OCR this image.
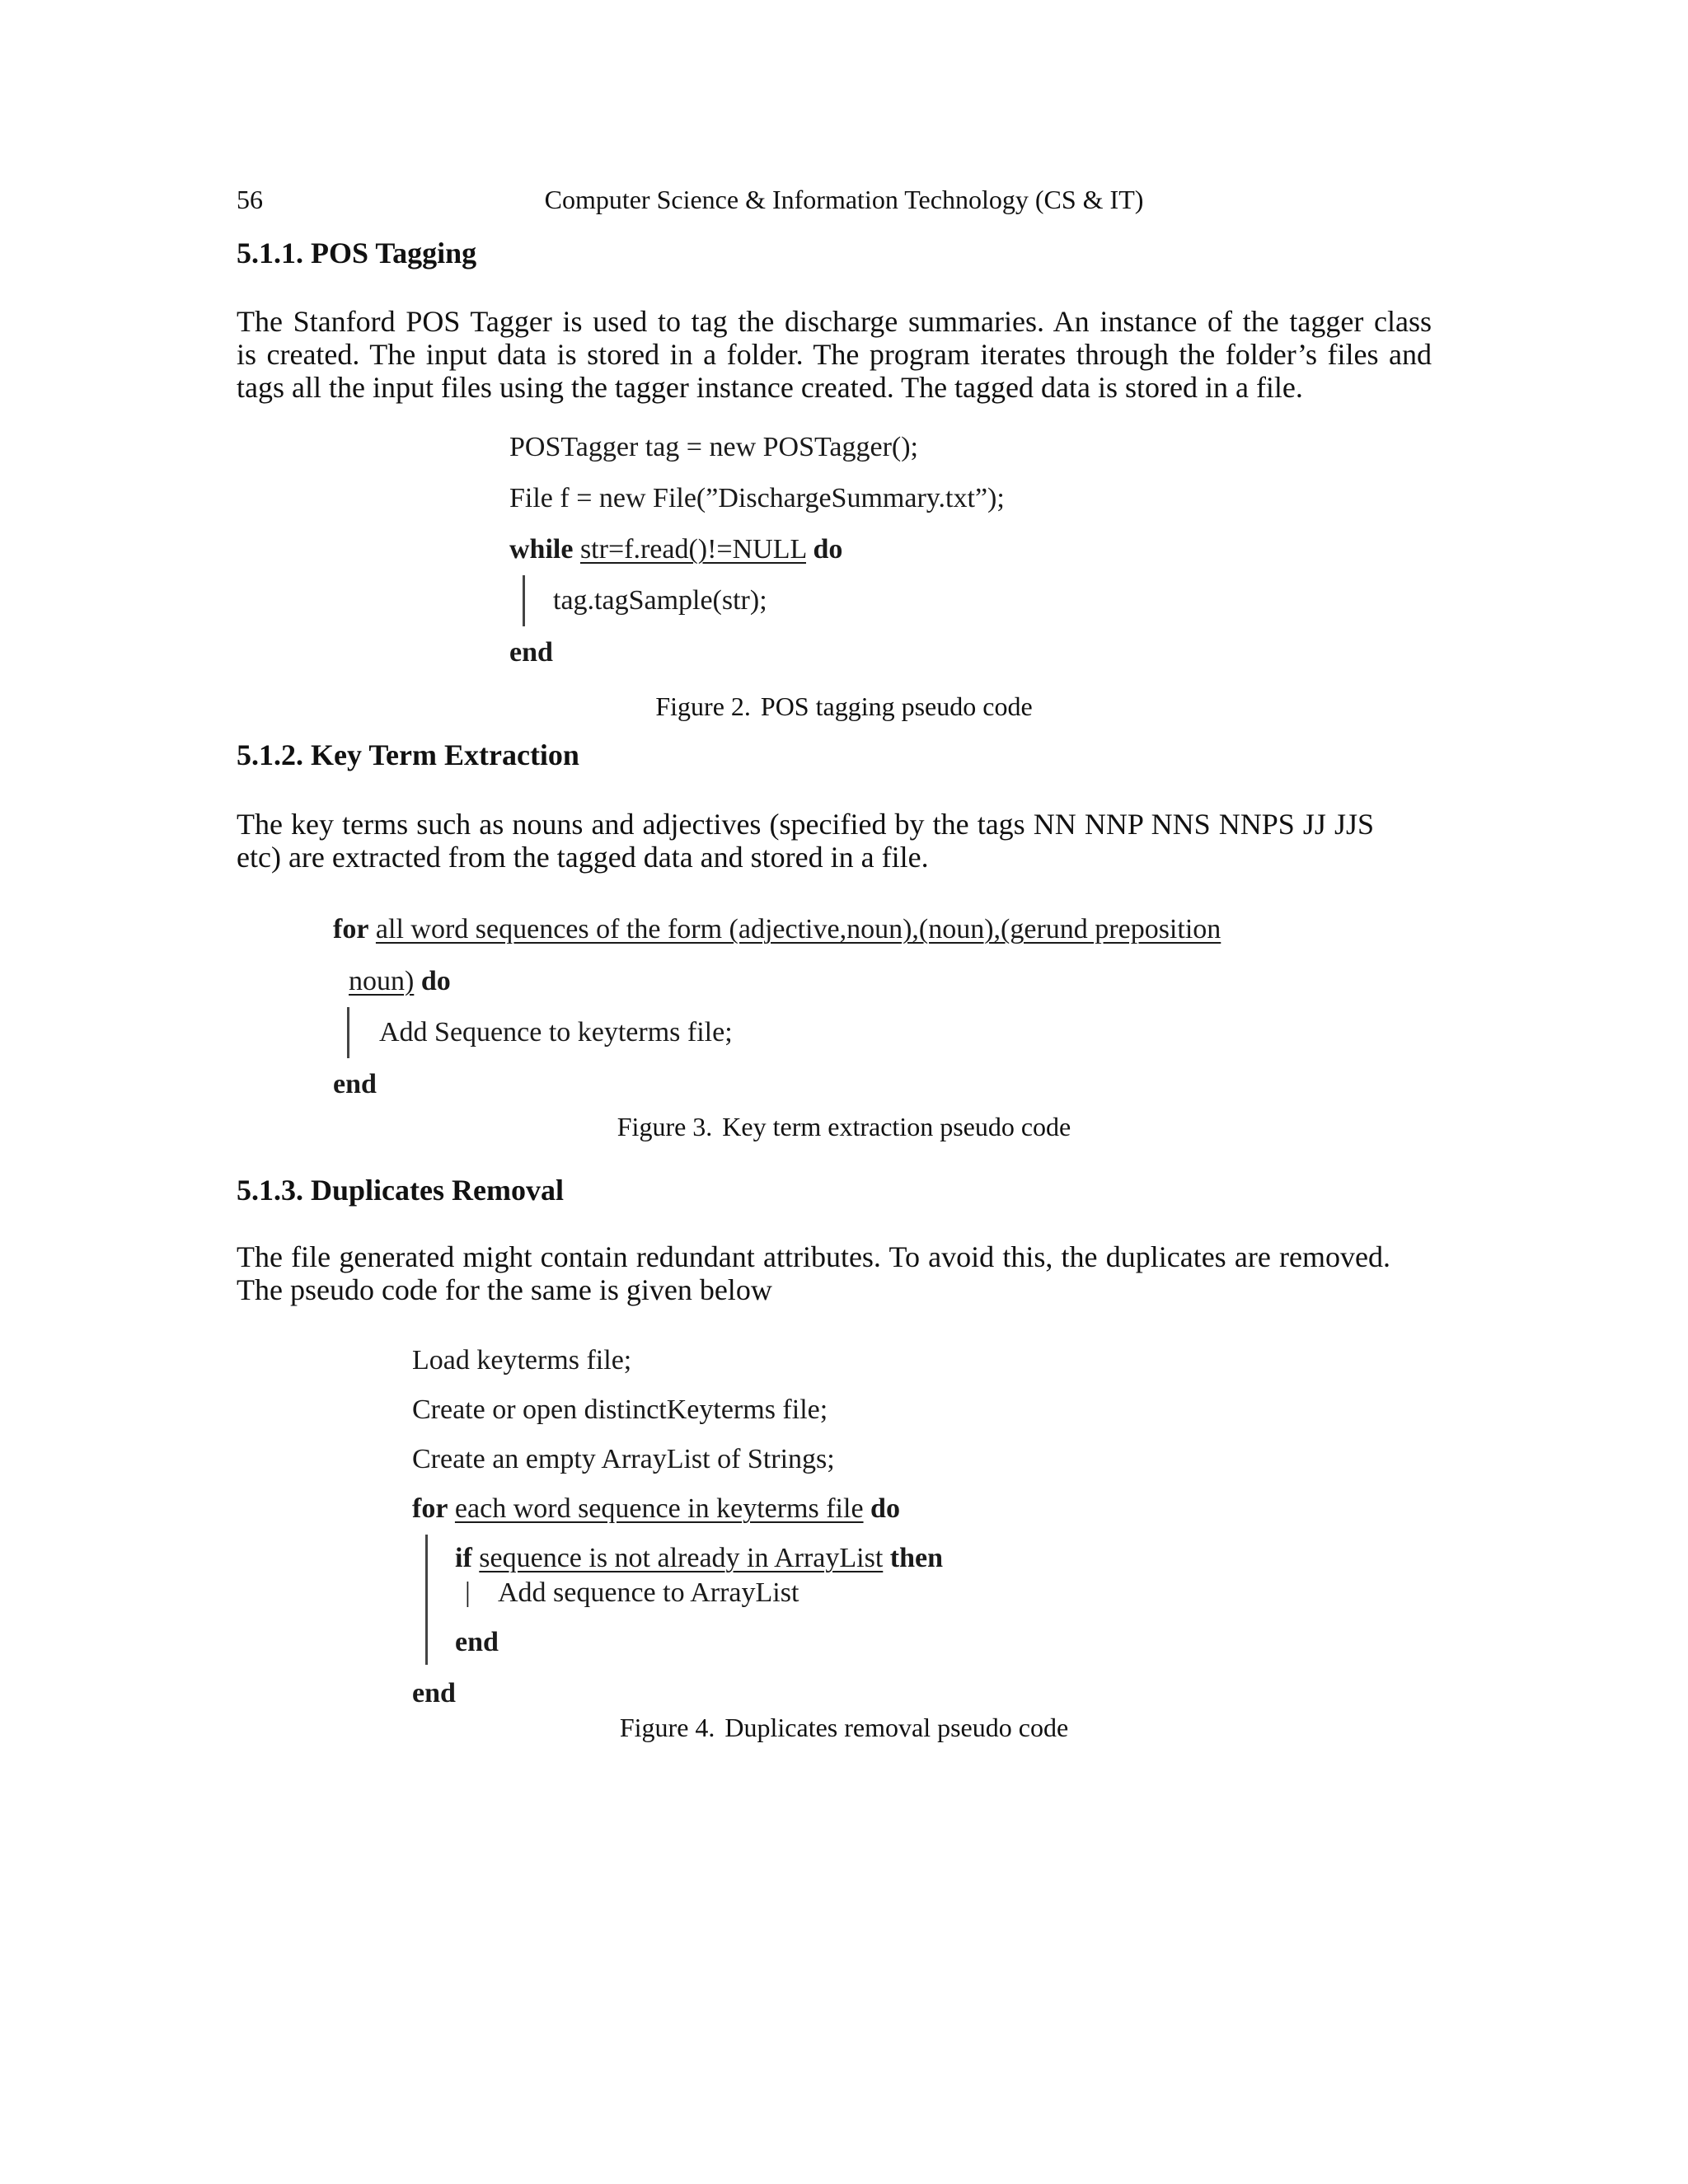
56	Computer Science & Information Technology (CS & IT)
5.1.1. POS Tagging
The Stanford POS Tagger is used to tag the discharge summaries. An instance of the tagger class
is created. The input data is stored in a folder. The program iterates through the folder’s files and
tags all the input files using the tagger instance created. The tagged data is stored in a file.
POSTagger tag = new POSTagger();
File f = new File(”DischargeSummary.txt”);
while str=f.read()!=NULL do
tag.tagSample(str);
end
Figure 2. POS tagging pseudo code
5.1.2. Key Term Extraction
The key terms such as nouns and adjectives (specified by the tags NN NNP NNS NNPS JJ JJS
etc) are extracted from the tagged data and stored in a file.
for all word sequences of the form (adjective,noun),(noun),(gerund preposition
noun) do
Add Sequence to keyterms file;
end
Figure 3. Key term extraction pseudo code
5.1.3. Duplicates Removal
The file generated might contain redundant attributes. To avoid this, the duplicates are removed.
The pseudo code for the same is given below
Load keyterms file;
Create or open distinctKeyterms file;
Create an empty ArrayList of Strings;
for each word sequence in keyterms file do
if sequence is not already in ArrayList then
| Add sequence to ArrayList
end
end
Figure 4. Duplicates removal pseudo code
